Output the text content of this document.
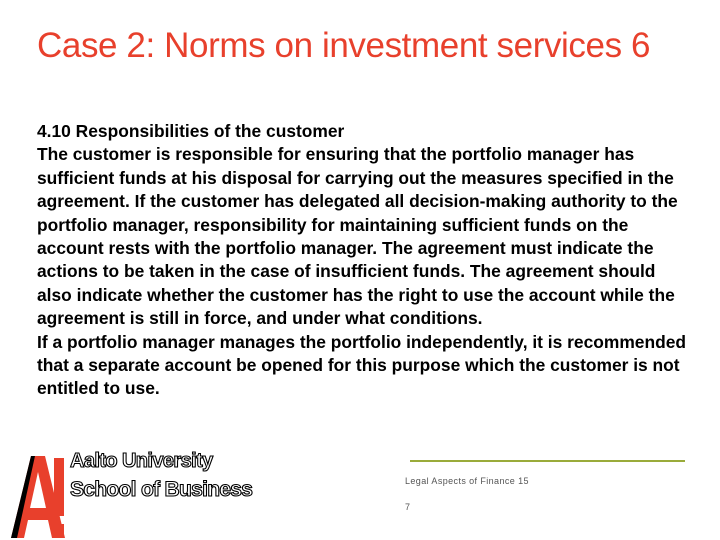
Case 2: Norms on investment services 6

4.10 Responsibilities of the customer

The customer is responsible for ensuring that the portfolio manager has sufficient funds at his disposal for carrying out the measures specified in the agreement. If the customer has delegated all decision-making authority to the portfolio manager, responsibility for maintaining sufficient funds on the account rests with the portfolio manager. The agreement must indicate the actions to be taken in the case of insufficient funds. The agreement should also indicate whether the customer has the right to use the account while the agreement is still in force, and under what conditions.

If a portfolio manager manages the portfolio independently, it is recommended that a separate account be opened for this purpose which the customer is not entitled to use.

Aalto University
School of Business	Legal Aspects of Finance 15
7
